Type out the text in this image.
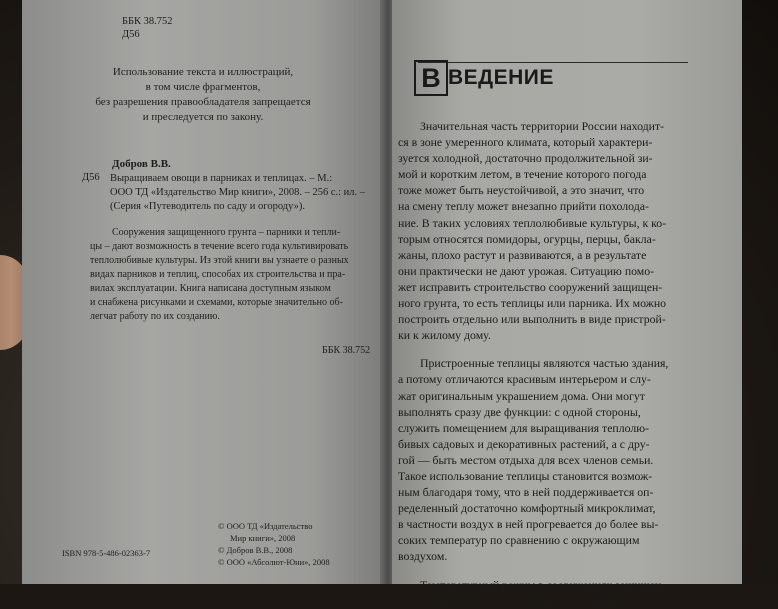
ББК 38.752
Д56
Использование текста и иллюстраций,
в том числе фрагментов,
без разрешения правообладателя запрещается
и преследуется по закону.
Добров В.В.
Д56 Выращиваем овощи в парниках и теплицах. – М.:
ООО ТД «Издательство Мир книги», 2008. – 256 с.: ил. –
(Серия «Путеводитель по саду и огороду»).
Сооружения защищенного грунта – парники и тепли-
цы – дают возможность в течение всего года культивировать
теплолюбивые культуры. Из этой книги вы узнаете о разных
видах парников и теплиц, способах их строительства и пра-
вилах эксплуатации. Книга написана доступным языком
и снабжена рисунками и схемами, которые значительно об-
легчат работу по их созданию.
ББК 38.752
ISBN 978-5-486-02363-7
© ООО ТД «Издательство
Мир книги», 2008
© Добров В.В., 2008
© ООО «Абсолют-Юни», 2008
В ВЕДЕНИЕ

Значительная часть территории России находит-
ся в зоне умеренного климата, который характери-
зуется холодной, достаточно продолжительной зи-
мой и коротким летом, в течение которого погода
тоже может быть неустойчивой, а это значит, что
на смену теплу может внезапно прийти похолода-
ние. В таких условиях теплолюбивые культуры, к ко-
торым относятся помидоры, огурцы, перцы, бакла-
жаны, плохо растут и развиваются, а в результате
они практически не дают урожая. Ситуацию помо-
жет исправить строительство сооружений защищен-
ного грунта, то есть теплицы или парника. Их можно
построить отдельно или выполнить в виде пристрой-
ки к жилому дому.

Пристроенные теплицы являются частью здания,
а потому отличаются красивым интерьером и слу-
жат оригинальным украшением дома. Они могут
выполнять сразу две функции: с одной стороны,
служить помещением для выращивания теплолю-
бивых садовых и декоративных растений, а с дру-
гой — быть местом отдыха для всех членов семьи.
Такое использование теплицы становится возмож-
ным благодаря тому, что в ней поддерживается оп-
ределенный достаточно комфортный микроклимат,
в частности воздух в ней прогревается до более вы-
соких температур по сравнению с окружающим
воздухом.

Температурный режим в сооружениях защищен-
ного грунта может быть холодным, умеренным,
